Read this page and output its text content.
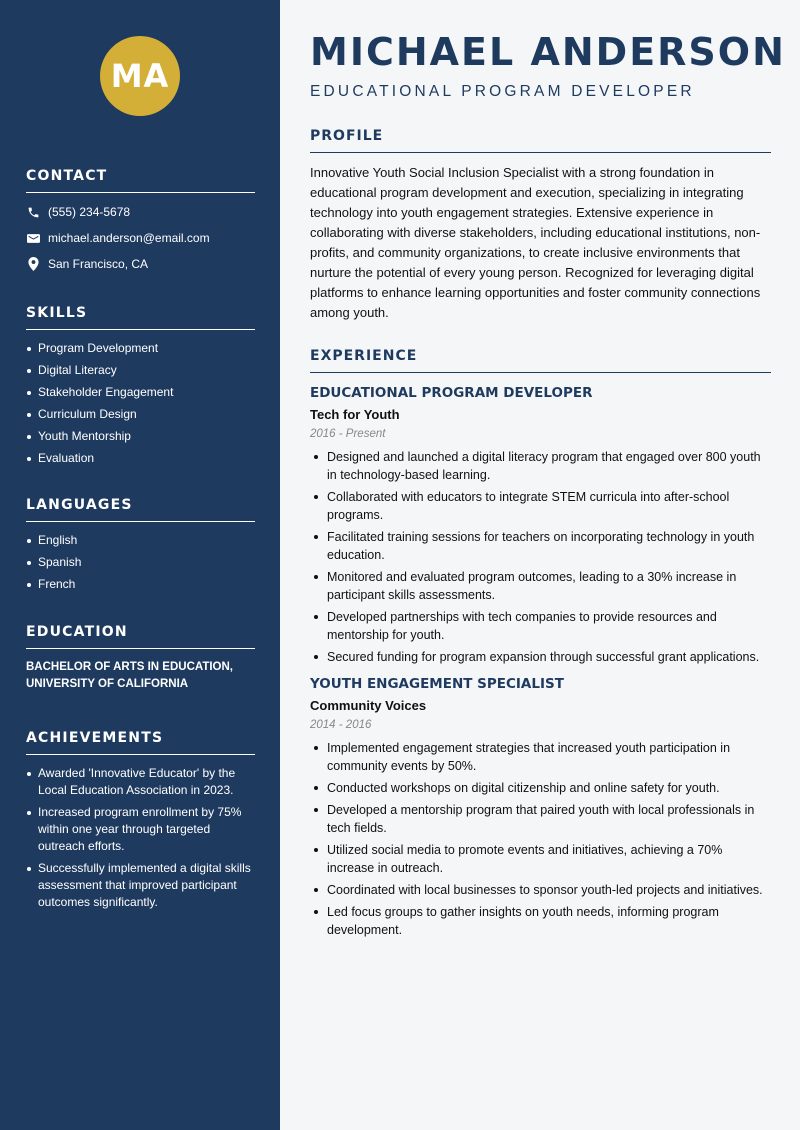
MA
CONTACT
(555) 234-5678
michael.anderson@email.com
San Francisco, CA
SKILLS
Program Development
Digital Literacy
Stakeholder Engagement
Curriculum Design
Youth Mentorship
Evaluation
LANGUAGES
English
Spanish
French
EDUCATION
BACHELOR OF ARTS IN EDUCATION, UNIVERSITY OF CALIFORNIA
ACHIEVEMENTS
Awarded 'Innovative Educator' by the Local Education Association in 2023.
Increased program enrollment by 75% within one year through targeted outreach efforts.
Successfully implemented a digital skills assessment that improved participant outcomes significantly.
MICHAEL ANDERSON
EDUCATIONAL PROGRAM DEVELOPER
PROFILE
Innovative Youth Social Inclusion Specialist with a strong foundation in educational program development and execution, specializing in integrating technology into youth engagement strategies. Extensive experience in collaborating with diverse stakeholders, including educational institutions, non-profits, and community organizations, to create inclusive environments that nurture the potential of every young person. Recognized for leveraging digital platforms to enhance learning opportunities and foster community connections among youth.
EXPERIENCE
EDUCATIONAL PROGRAM DEVELOPER
Tech for Youth
2016 - Present
Designed and launched a digital literacy program that engaged over 800 youth in technology-based learning.
Collaborated with educators to integrate STEM curricula into after-school programs.
Facilitated training sessions for teachers on incorporating technology in youth education.
Monitored and evaluated program outcomes, leading to a 30% increase in participant skills assessments.
Developed partnerships with tech companies to provide resources and mentorship for youth.
Secured funding for program expansion through successful grant applications.
YOUTH ENGAGEMENT SPECIALIST
Community Voices
2014 - 2016
Implemented engagement strategies that increased youth participation in community events by 50%.
Conducted workshops on digital citizenship and online safety for youth.
Developed a mentorship program that paired youth with local professionals in tech fields.
Utilized social media to promote events and initiatives, achieving a 70% increase in outreach.
Coordinated with local businesses to sponsor youth-led projects and initiatives.
Led focus groups to gather insights on youth needs, informing program development.
